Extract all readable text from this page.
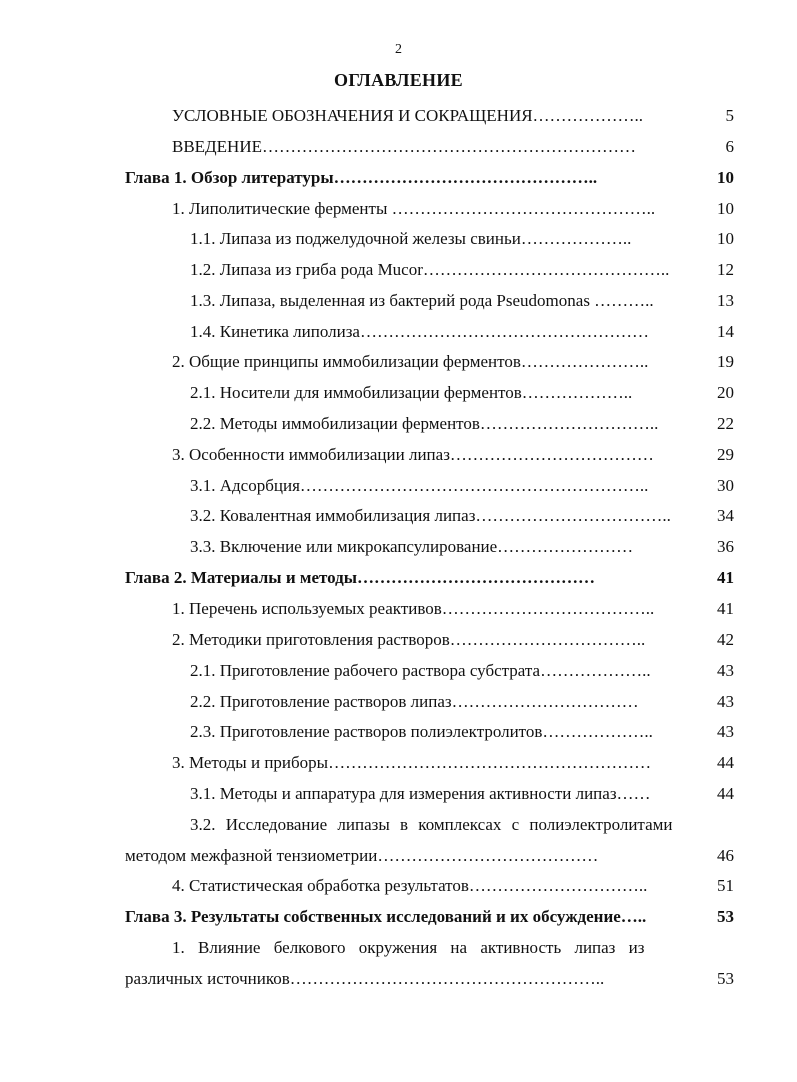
2
ОГЛАВЛЕНИЕ
УСЛОВНЫЕ ОБОЗНАЧЕНИЯ И СОКРАЩЕНИЯ………………..	5
ВВЕДЕНИЕ…………………………………………………………	6
Глава 1. Обзор литературы………………………………………..	10
1. Липолитические ферменты ………………………………………..	10
1.1. Липаза из поджелудочной железы свиньи………………..	10
1.2. Липаза из гриба рода Mucor……………………………………..	12
1.3. Липаза, выделенная из бактерий рода Pseudomonas ………..	13
1.4. Кинетика липолиза……………………………………………	14
2. Общие принципы иммобилизации ферментов…………………..	19
2.1. Носители для иммобилизации ферментов………………..	20
2.2. Методы иммобилизации ферментов…………………………..	22
3. Особенности иммобилизации липаз………………………………	29
3.1. Адсорбция……………………………………………………..	30
3.2. Ковалентная иммобилизация липаз……………………………..	34
3.3. Включение или микрокапсулирование……………………	36
Глава 2. Материалы и методы……………………………………	41
1. Перечень используемых реактивов………………………………..	41
2. Методики приготовления растворов……………………………..	42
2.1. Приготовление рабочего раствора субстрата………………..	43
2.2. Приготовление растворов липаз……………………………	43
2.3. Приготовление растворов полиэлектролитов………………..	43
3. Методы и приборы…………………………………………………	44
3.1. Методы и аппаратура для измерения активности липаз……	44
3.2. Исследование липазы в комплексах с полиэлектролитами
методом межфазной тензиометрии…………………………………	46
4. Статистическая обработка результатов…………………………..	51
Глава 3. Результаты собственных исследований и их обсуждение…..	53
1. Влияние белкового окружения на активность липаз из
различных источников………………………………………………..	53
